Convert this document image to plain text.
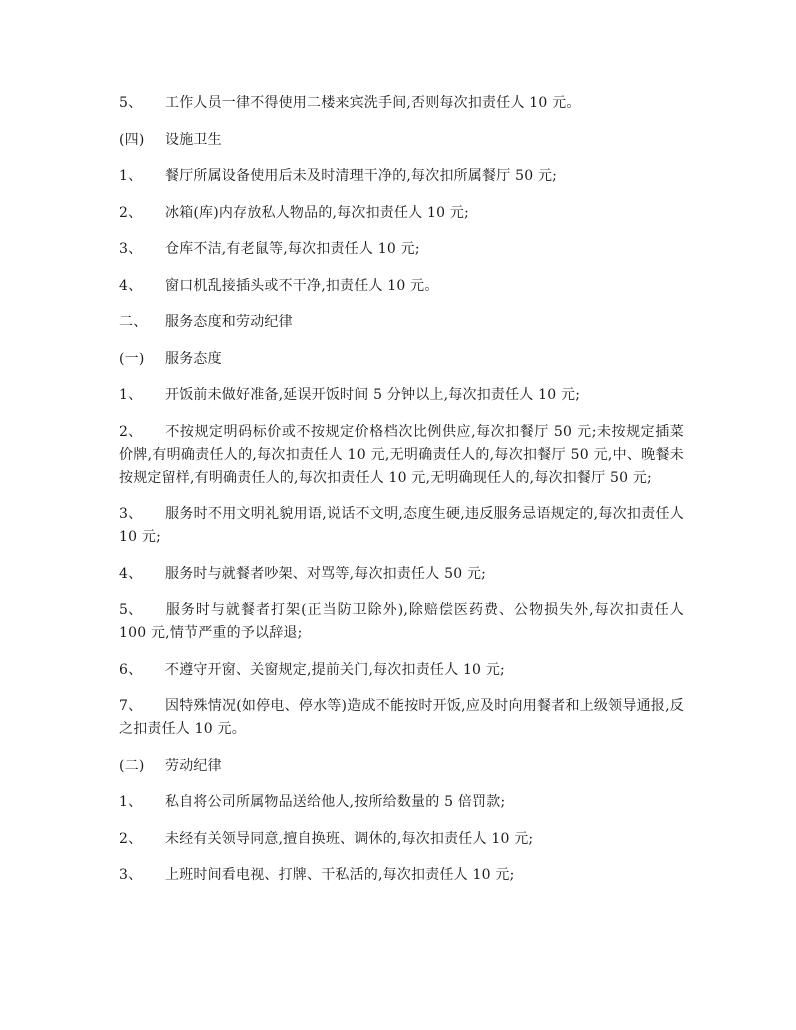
5、 工作人员一律不得使用二楼来宾洗手间,否则每次扣责任人 10 元。

(四) 设施卫生

1、 餐厅所属设备使用后未及时清理干净的,每次扣所属餐厅 50 元;

2、 冰箱(库)内存放私人物品的,每次扣责任人 10 元;

3、 仓库不洁,有老鼠等,每次扣责任人 10 元;

4、 窗口机乱接插头或不干净,扣责任人 10 元。

二、 服务态度和劳动纪律

(一) 服务态度

1、 开饭前未做好准备,延误开饭时间 5 分钟以上,每次扣责任人 10 元;

2、 不按规定明码标价或不按规定价格档次比例供应,每次扣餐厅 50 元;未按规定插菜价牌,有明确责任人的,每次扣责任人 10 元,无明确责任人的,每次扣餐厅 50 元,中、晚餐未按规定留样,有明确责任人的,每次扣责任人 10 元,无明确现任人的,每次扣餐厅 50 元;

3、 服务时不用文明礼貌用语,说话不文明,态度生硬,违反服务忌语规定的,每次扣责任人 10 元;

4、 服务时与就餐者吵架、对骂等,每次扣责任人 50 元;

5、 服务时与就餐者打架(正当防卫除外),除赔偿医药费、公物损失外,每次扣责任人 100 元,情节严重的予以辞退;

6、 不遵守开窗、关窗规定,提前关门,每次扣责任人 10 元;

7、 因特殊情况(如停电、停水等)造成不能按时开饭,应及时向用餐者和上级领导通报,反之扣责任人 10 元。

(二) 劳动纪律

1、 私自将公司所属物品送给他人,按所给数量的 5 倍罚款;

2、 未经有关领导同意,擅自换班、调休的,每次扣责任人 10 元;

3、 上班时间看电视、打牌、干私活的,每次扣责任人 10 元;
